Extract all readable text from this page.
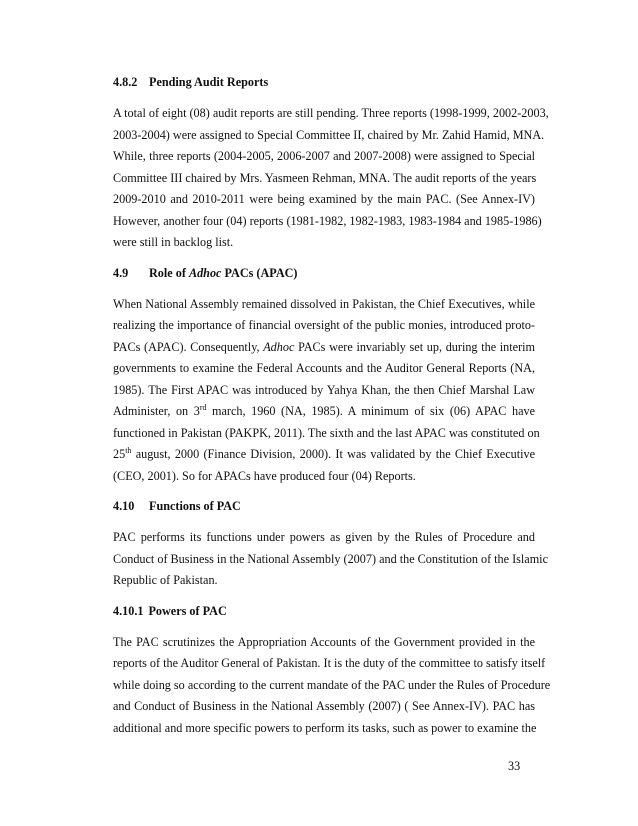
4.8.2 Pending Audit Reports
A total of eight (08) audit reports are still pending. Three reports (1998-1999, 2002-2003,
2003-2004) were assigned to Special Committee II, chaired by Mr. Zahid Hamid, MNA.
While, three reports (2004-2005, 2006-2007 and 2007-2008) were assigned to Special
Committee III chaired by Mrs. Yasmeen Rehman, MNA. The audit reports of the years
2009-2010 and 2010-2011 were being examined by the main PAC. (See Annex-IV)
However, another four (04) reports (1981-1982, 1982-1983, 1983-1984 and 1985-1986)
were still in backlog list.
4.9 Role of Adhoc PACs (APAC)
When National Assembly remained dissolved in Pakistan, the Chief Executives, while
realizing the importance of financial oversight of the public monies, introduced proto-
PACs (APAC). Consequently, Adhoc PACs were invariably set up, during the interim
governments to examine the Federal Accounts and the Auditor General Reports (NA,
1985). The First APAC was introduced by Yahya Khan, the then Chief Marshal Law
Administer, on 3rd march, 1960 (NA, 1985). A minimum of six (06) APAC have
functioned in Pakistan (PAKPK, 2011). The sixth and the last APAC was constituted on
25th august, 2000 (Finance Division, 2000). It was validated by the Chief Executive
(CEO, 2001). So for APACs have produced four (04) Reports.
4.10 Functions of PAC
PAC performs its functions under powers as given by the Rules of Procedure and
Conduct of Business in the National Assembly (2007) and the Constitution of the Islamic
Republic of Pakistan.
4.10.1 Powers of PAC
The PAC scrutinizes the Appropriation Accounts of the Government provided in the
reports of the Auditor General of Pakistan. It is the duty of the committee to satisfy itself
while doing so according to the current mandate of the PAC under the Rules of Procedure
and Conduct of Business in the National Assembly (2007) ( See Annex-IV). PAC has
additional and more specific powers to perform its tasks, such as power to examine the
33
